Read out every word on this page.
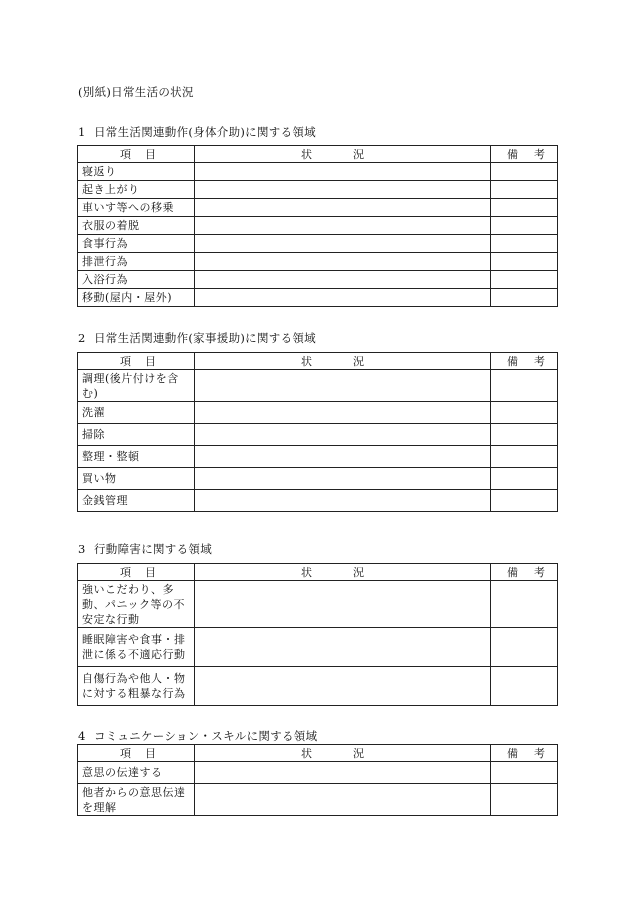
(別紙)日常生活の状況
1 日常生活関連動作(身体介助)に関する領域
項 目	状 況	備 考

寝返り		
起き上がり		
車いす等への移乗		
衣服の着脱		
食事行為		
排泄行為		
入浴行為		
移動(屋内・屋外)		
2 日常生活関連動作(家事援助)に関する領域
項 目	状 況	備 考

調理(後片付けを含む)		
洗濯		
掃除		
整理・整頓		
買い物		
金銭管理		
3 行動障害に関する領域
項 目	状 況	備 考

強いこだわり、多動、パニック等の不安定な行動		
睡眠障害や食事・排泄に係る不適応行動		
自傷行為や他人・物に対する粗暴な行為		
4 コミュニケーション・スキルに関する領域
項 目	状 況	備 考

意思の伝達する		
他者からの意思伝達を理解		
